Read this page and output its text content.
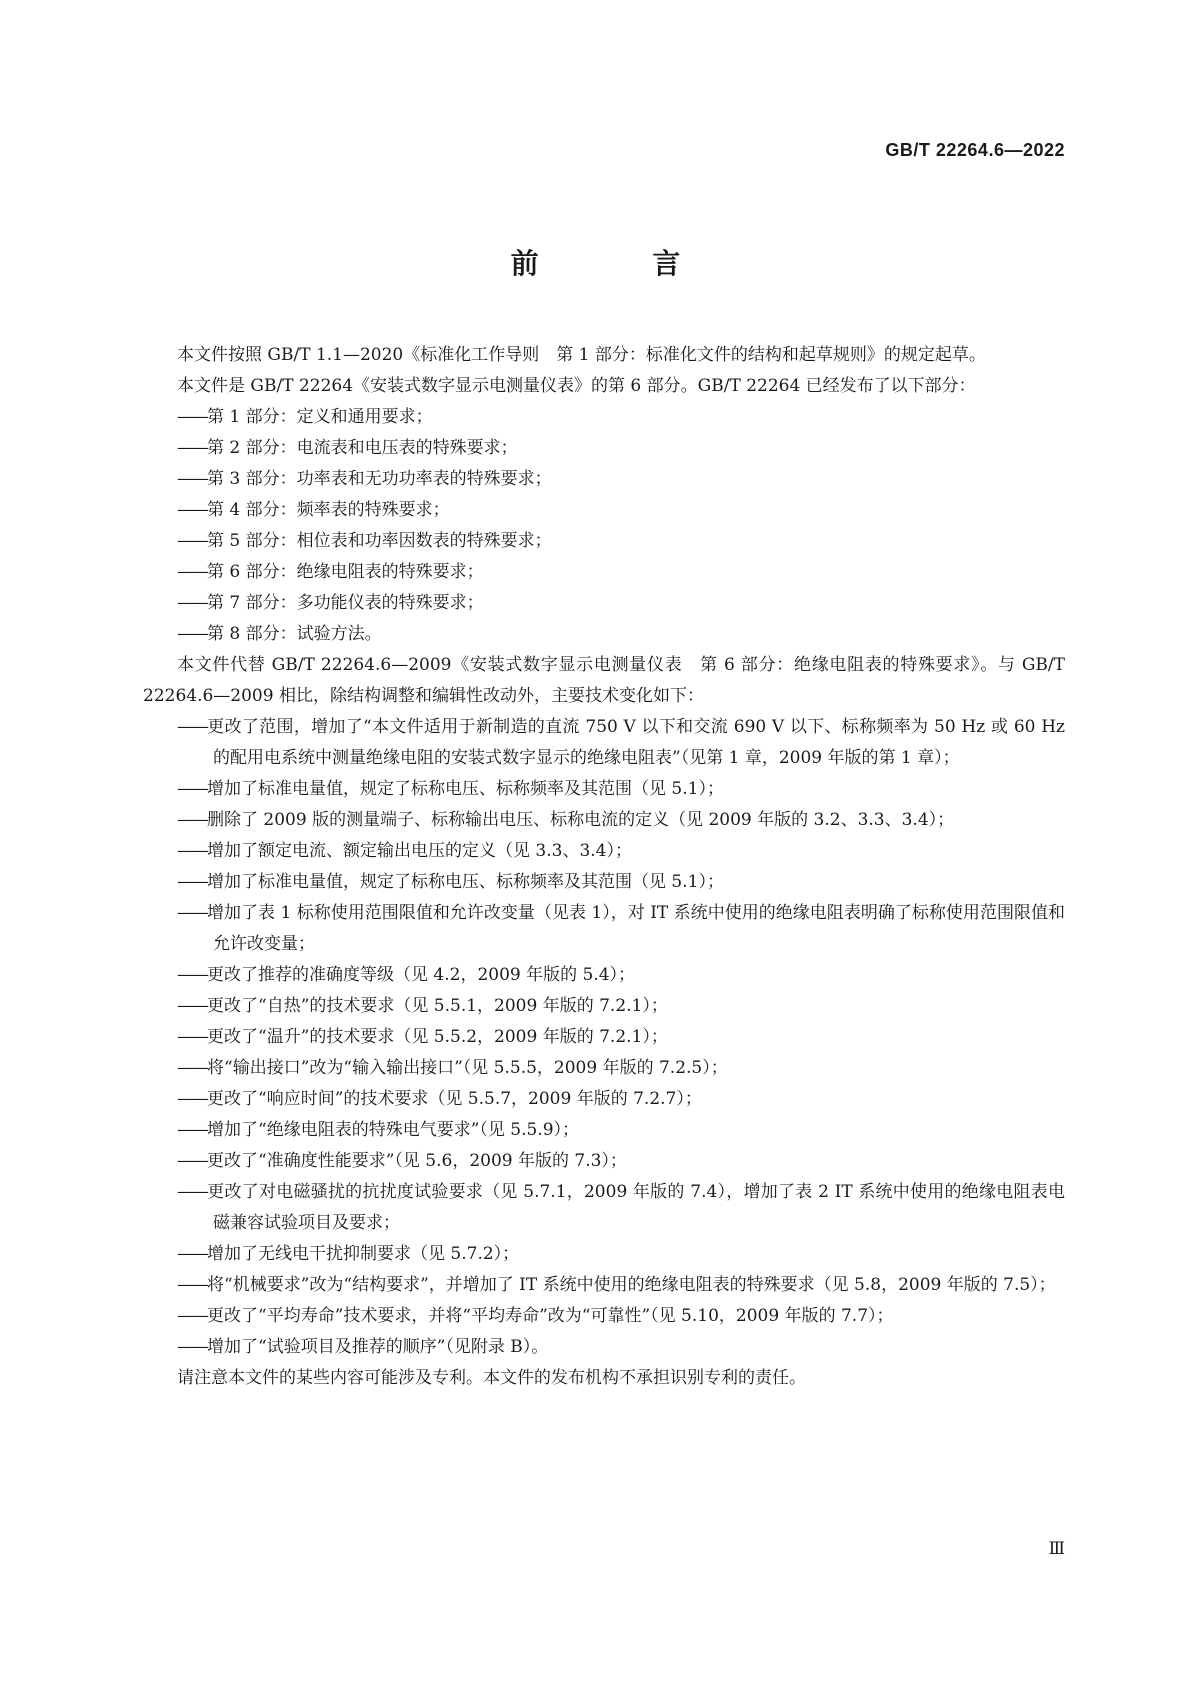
GB/T 22264.6—2022
前 言

本文件按照 GB/T 1.1—2020《标准化工作导则　第 1 部分：标准化文件的结构和起草规则》的规定起草。

本文件是 GB/T 22264《安装式数字显示电测量仪表》的第 6 部分。GB/T 22264 已经发布了以下部分：

—— 第 1 部分：定义和通用要求；

—— 第 2 部分：电流表和电压表的特殊要求；

—— 第 3 部分：功率表和无功功率表的特殊要求；

—— 第 4 部分：频率表的特殊要求；

—— 第 5 部分：相位表和功率因数表的特殊要求；

—— 第 6 部分：绝缘电阻表的特殊要求；

—— 第 7 部分：多功能仪表的特殊要求；

—— 第 8 部分：试验方法。

本文件代替 GB/T 22264.6—2009《安装式数字显示电测量仪表　第 6 部分：绝缘电阻表的特殊要求》。与 GB/T 22264.6—2009 相比，除结构调整和编辑性改动外，主要技术变化如下：

—— 更改了范围，增加了“本文件适用于新制造的直流 750 V 以下和交流 690 V 以下、标称频率为 50 Hz 或 60 Hz 的配用电系统中测量绝缘电阻的安装式数字显示的绝缘电阻表”（见第 1 章，2009 年版的第 1 章）；

—— 增加了标准电量值，规定了标称电压、标称频率及其范围（见 5.1）；

—— 删除了 2009 版的测量端子、标称输出电压、标称电流的定义（见 2009 年版的 3.2、3.3、3.4）；

—— 增加了额定电流、额定输出电压的定义（见 3.3、3.4）；

—— 增加了标准电量值，规定了标称电压、标称频率及其范围（见 5.1）；

—— 增加了表 1 标称使用范围限值和允许改变量（见表 1），对 IT 系统中使用的绝缘电阻表明确了标称使用范围限值和允许改变量；

—— 更改了推荐的准确度等级（见 4.2，2009 年版的 5.4）；

—— 更改了“自热”的技术要求（见 5.5.1，2009 年版的 7.2.1）；

—— 更改了“温升”的技术要求（见 5.5.2，2009 年版的 7.2.1）；

—— 将“输出接口”改为“输入输出接口”（见 5.5.5，2009 年版的 7.2.5）；

—— 更改了“响应时间”的技术要求（见 5.5.7，2009 年版的 7.2.7）；

—— 增加了“绝缘电阻表的特殊电气要求”（见 5.5.9）；

—— 更改了“准确度性能要求”（见 5.6，2009 年版的 7.3）；

—— 更改了对电磁骚扰的抗扰度试验要求（见 5.7.1，2009 年版的 7.4），增加了表 2 IT 系统中使用的绝缘电阻表电磁兼容试验项目及要求；

—— 增加了无线电干扰抑制要求（见 5.7.2）；

—— 将“机械要求”改为“结构要求”，并增加了 IT 系统中使用的绝缘电阻表的特殊要求（见 5.8，2009 年版的 7.5）；

—— 更改了“平均寿命”技术要求，并将“平均寿命”改为“可靠性”（见 5.10，2009 年版的 7.7）；

—— 增加了“试验项目及推荐的顺序”（见附录 B）。

请注意本文件的某些内容可能涉及专利。本文件的发布机构不承担识别专利的责任。

Ⅲ
